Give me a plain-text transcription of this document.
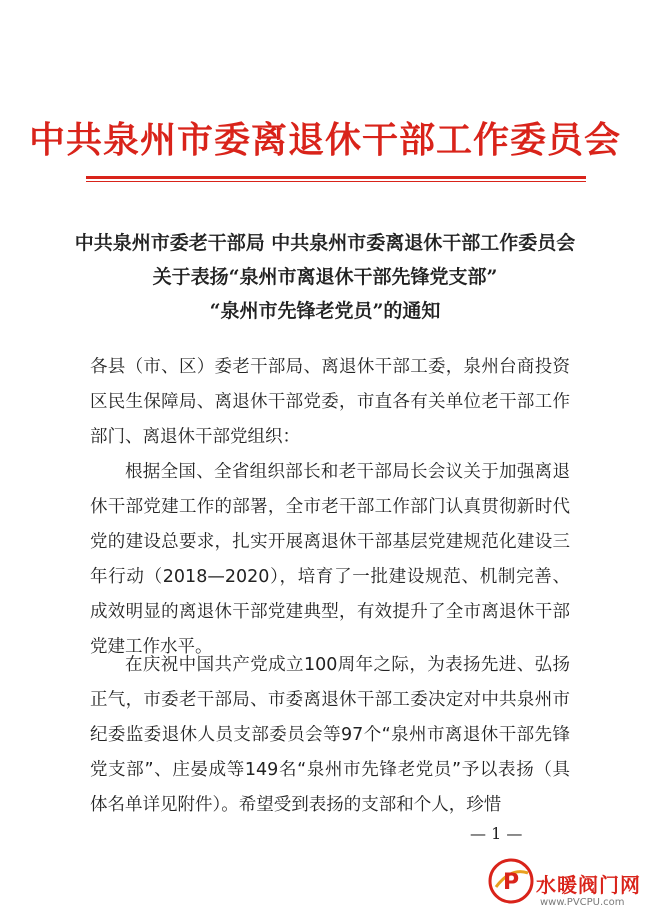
中共泉州市委离退休干部工作委员会
中共泉州市委老干部局 中共泉州市委离退休干部工作委员会
关于表扬“泉州市离退休干部先锋党支部”
“泉州市先锋老党员”的通知
各县（市、区）委老干部局、离退休干部工委，泉州台商投资区民生保障局、离退休干部党委，市直各有关单位老干部工作部门、离退休干部党组织：
根据全国、全省组织部长和老干部局长会议关于加强离退休干部党建工作的部署，全市老干部工作部门认真贯彻新时代党的建设总要求，扎实开展离退休干部基层党建规范化建设三年行动（2018—2020），培育了一批建设规范、机制完善、成效明显的离退休干部党建典型，有效提升了全市离退休干部党建工作水平。
在庆祝中国共产党成立100周年之际，为表扬先进、弘扬正气，市委老干部局、市委离退休干部工委决定对中共泉州市纪委监委退休人员支部委员会等97个“泉州市离退休干部先锋党支部”、庄晏成等149名“泉州市先锋老党员”予以表扬（具体名单详见附件）。希望受到表扬的支部和个人，珍惜
— 1 —
P 水暖阀门网
www.PVCPU.com
